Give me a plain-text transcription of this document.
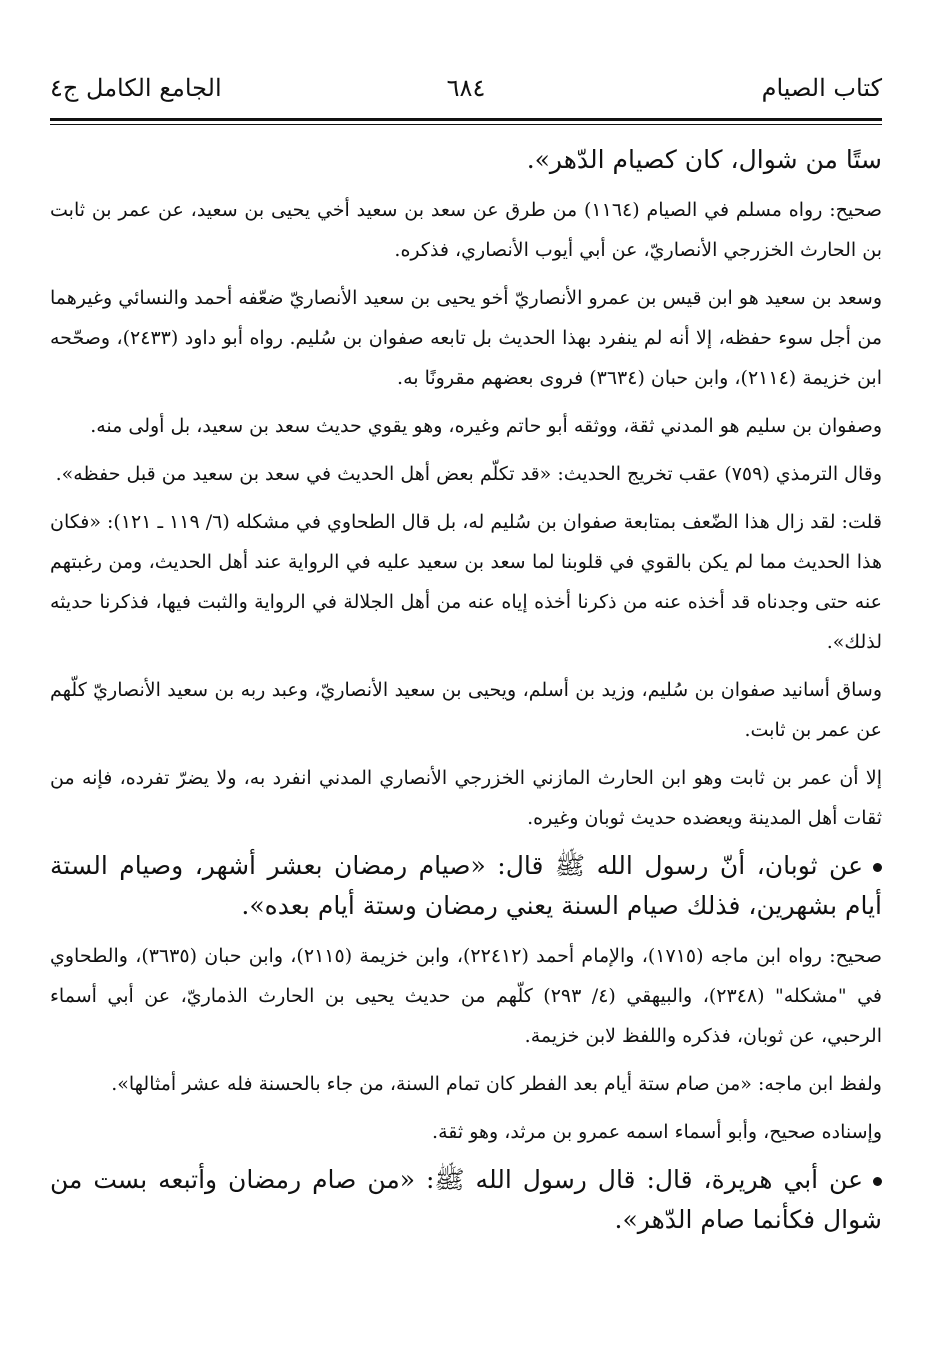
كتاب الصيام
٦٨٤
الجامع الكامل ج٤

ستًا من شوال، كان كصيام الدّهر».

صحيح: رواه مسلم في الصيام (١١٦٤) من طرق عن سعد بن سعيد أخي يحيى بن سعيد، عن عمر بن ثابت بن الحارث الخزرجي الأنصاريّ، عن أبي أيوب الأنصاري، فذكره.

وسعد بن سعيد هو ابن قيس بن عمرو الأنصاريّ أخو يحيى بن سعيد الأنصاريّ ضعّفه أحمد والنسائي وغيرهما من أجل سوء حفظه، إلا أنه لم ينفرد بهذا الحديث بل تابعه صفوان بن سُليم. رواه أبو داود (٢٤٣٣)، وصحّحه ابن خزيمة (٢١١٤)، وابن حبان (٣٦٣٤) فروى بعضهم مقرونًا به.

وصفوان بن سليم هو المدني ثقة، ووثقه أبو حاتم وغيره، وهو يقوي حديث سعد بن سعيد، بل أولى منه.

وقال الترمذي (٧٥٩) عقب تخريج الحديث: «قد تكلّم بعض أهل الحديث في سعد بن سعيد من قبل حفظه».

قلت: لقد زال هذا الضّعف بمتابعة صفوان بن سُليم له، بل قال الطحاوي في مشكله (٦/ ١١٩ ـ ١٢١): «فكان هذا الحديث مما لم يكن بالقوي في قلوبنا لما سعد بن سعيد عليه في الرواية عند أهل الحديث، ومن رغبتهم عنه حتى وجدناه قد أخذه عنه من ذكرنا أخذه إياه عنه من أهل الجلالة في الرواية والثبت فيها، فذكرنا حديثه لذلك».

وساق أسانيد صفوان بن سُليم، وزيد بن أسلم، ويحيى بن سعيد الأنصاريّ، وعبد ربه بن سعيد الأنصاريّ كلّهم عن عمر بن ثابت.

إلا أن عمر بن ثابت وهو ابن الحارث المازني الخزرجي الأنصاري المدني انفرد به، ولا يضرّ تفرده، فإنه من ثقات أهل المدينة ويعضده حديث ثوبان وغيره.

عن ثوبان، أنّ رسول الله ﷺ قال: «صيام رمضان بعشر أشهر، وصيام الستة أيام بشهرين، فذلك صيام السنة يعني رمضان وستة أيام بعده».

صحيح: رواه ابن ماجه (١٧١٥)، والإمام أحمد (٢٢٤١٢)، وابن خزيمة (٢١١٥)، وابن حبان (٣٦٣٥)، والطحاوي في "مشكله" (٢٣٤٨)، والبيهقي (٤/ ٢٩٣) كلّهم من حديث يحيى بن الحارث الذماريّ، عن أبي أسماء الرحبي، عن ثوبان، فذكره واللفظ لابن خزيمة.

ولفظ ابن ماجه: «من صام ستة أيام بعد الفطر كان تمام السنة، من جاء بالحسنة فله عشر أمثالها».

وإسناده صحيح، وأبو أسماء اسمه عمرو بن مرثد، وهو ثقة.

عن أبي هريرة، قال: قال رسول الله ﷺ: «من صام رمضان وأتبعه بست من شوال فكأنما صام الدّهر».
